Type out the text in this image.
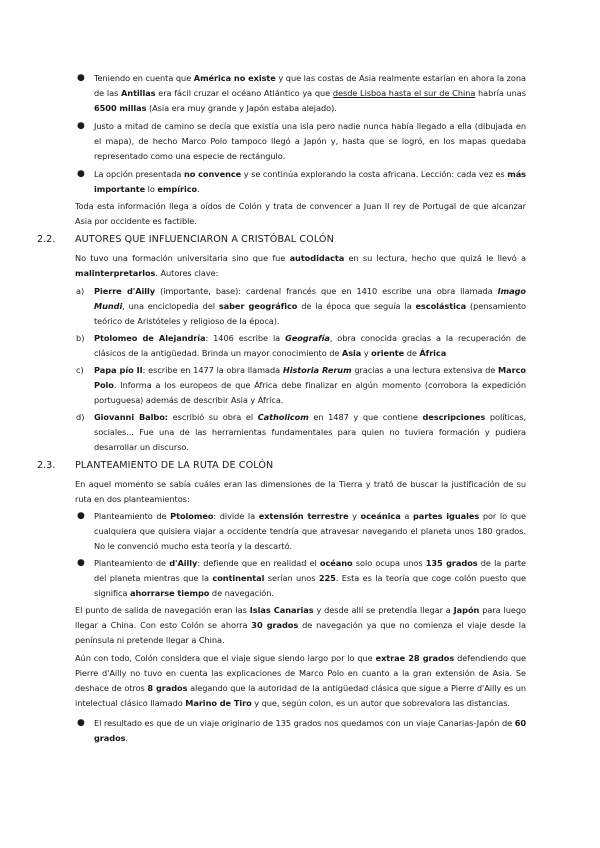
● Teniendo en cuenta que América no existe y que las costas de Asia realmente estarían en ahora la zona de las Antillas era fácil cruzar el océano Atlántico ya que desde Lisboa hasta el sur de China habría unas 6500 millas (Asia era muy grande y Japón estaba alejado).
● Justo a mitad de camino se decía que existía una isla pero nadie nunca había llegado a ella (dibujada en el mapa), de hecho Marco Polo tampoco llegó a Japón y, hasta que se logró, en los mapas quedaba representado como una especie de rectángulo.
● La opción presentada no convence y se continúa explorando la costa africana. Lección: cada vez es más importante lo empírico.
Toda esta información llega a oídos de Colón y trata de convencer a Juan II rey de Portugal de que alcanzar Asia por occidente es factible.
2.2. AUTORES QUE INFLUENCIARON A CRISTÓBAL COLÓN
No tuvo una formación universitaria sino que fue autodidacta en su lectura, hecho que quizá le llevó a malinterpretarlos. Autores clave:
a) Pierre d'Ailly (importante, base): cardenal francés que en 1410 escribe una obra llamada Imago Mundi, una enciclopedia del saber geográfico de la época que seguía la escolástica (pensamiento teórico de Aristóteles y religioso de la época).
b) Ptolomeo de Alejandría: 1406 escribe la Geografía, obra conocida gracias a la recuperación de clásicos de la antigüedad. Brinda un mayor conocimiento de Asia y oriente de África
c) Papa pío II: escribe en 1477 la obra llamada Historia Rerum gracias a una lectura extensiva de Marco Polo. Informa a los europeos de que África debe finalizar en algún momento (corrobora la expedición portuguesa) además de describir Asia y África.
d) Giovanni Balbo: escribió su obra el Catholicom en 1487 y que contiene descripciones políticas, sociales... Fue una de las herramientas fundamentales para quien no tuviera formación y pudiera desarrollar un discurso.
2.3. PLANTEAMIENTO DE LA RUTA DE COLÓN
En aquel momento se sabía cuáles eran las dimensiones de la Tierra y trató de buscar la justificación de su ruta en dos planteamientos:
● Planteamiento de Ptolomeo: divide la extensión terrestre y oceánica a partes iguales por lo que cualquiera que quisiera viajar a occidente tendría que atravesar navegando el planeta unos 180 grados. No le convenció mucho esta teoría y la descartó.
● Planteamiento de d'Ailly: defiende que en realidad el océano solo ocupa unos 135 grados de la parte del planeta mientras que la continental serían unos 225. Esta es la teoría que coge colón puesto que significa ahorrarse tiempo de navegación.
El punto de salida de navegación eran las Islas Canarias y desde allí se pretendía llegar a Japón para luego llegar a China. Con esto Colón se ahorra 30 grados de navegación ya que no comienza el viaje desde la península ni pretende llegar a China.
Aún con todo, Colón considera que el viaje sigue siendo largo por lo que extrae 28 grados defendiendo que Pierre d'Ailly no tuvo en cuenta las explicaciones de Marco Polo en cuanto a la gran extensión de Asia. Se deshace de otros 8 grados alegando que la autoridad de la antigüedad clásica que sigue a Pierre d'Ailly es un intelectual clásico llamado Marino de Tiro y que, según colon, es un autor que sobrevalora las distancias.
● El resultado es que de un viaje originario de 135 grados nos quedamos con un viaje Canarias-Japón de 60 grados.
